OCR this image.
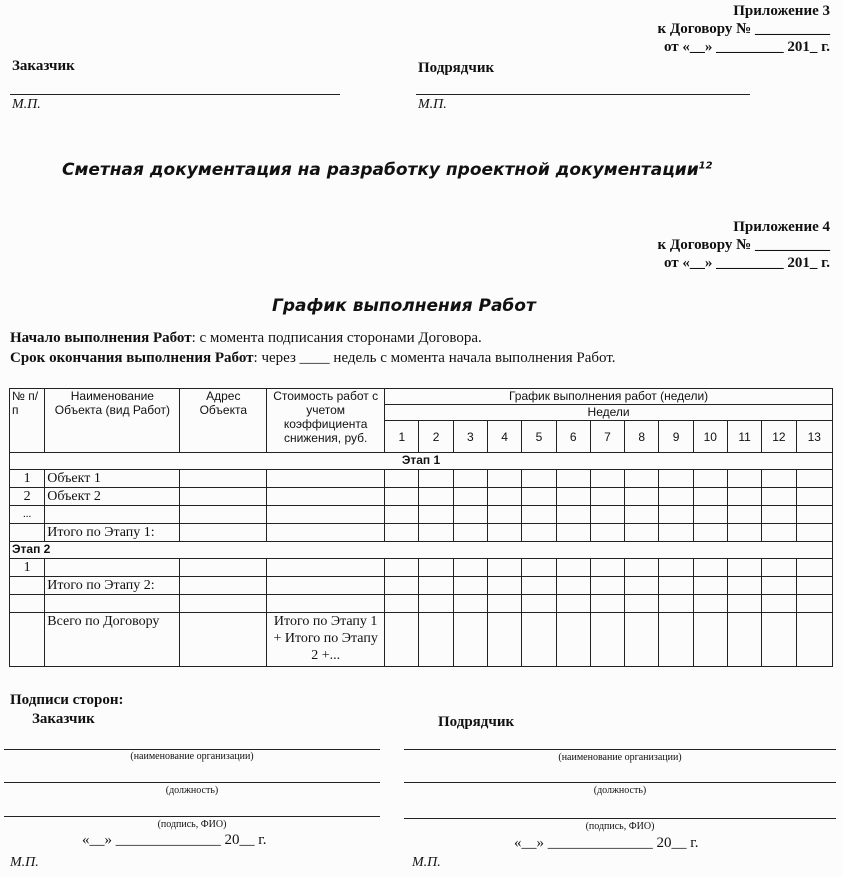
Приложение 3
к Договору № __________
от «__» _________ 201_ г.
Заказчик	Подрядчик
М.П.	М.П.
Сметная документация на разработку проектной документации$^{12}$
Приложение 4
к Договору № __________
от «__» _________ 201_ г.
График выполнения Работ
Начало выполнения Работ: с момента подписания сторонами Договора.
Срок окончания выполнения Работ: через ____ недель с момента начала выполнения Работ.
№ п/п	Наименование Объекта (вид Работ)	Адрес Объекта	Стоимость работ с учетом коэффициента снижения, руб.	График выполнения работ (недели)												
				Недели												
				1	2	3	4	5	6	7	8	9	10	11	12	13
Этап 1																
1	Объект 1															
2	Объект 2															
...																
	Итого по Этапу 1:															
Этап 2																
1																
	Итого по Этапу 2:															

	Всего по Договору		Итого по Этапу 1 + Итого по Этапу 2 +...													
Подписи сторон:
Заказчик	Подрядчик
(наименование организации)
(должность)
(подпись, ФИО)
«__» ______________ 20__ г.
М.П.
(наименование организации)
(должность)
(подпись, ФИО)
«__» ______________ 20__ г.
М.П.
